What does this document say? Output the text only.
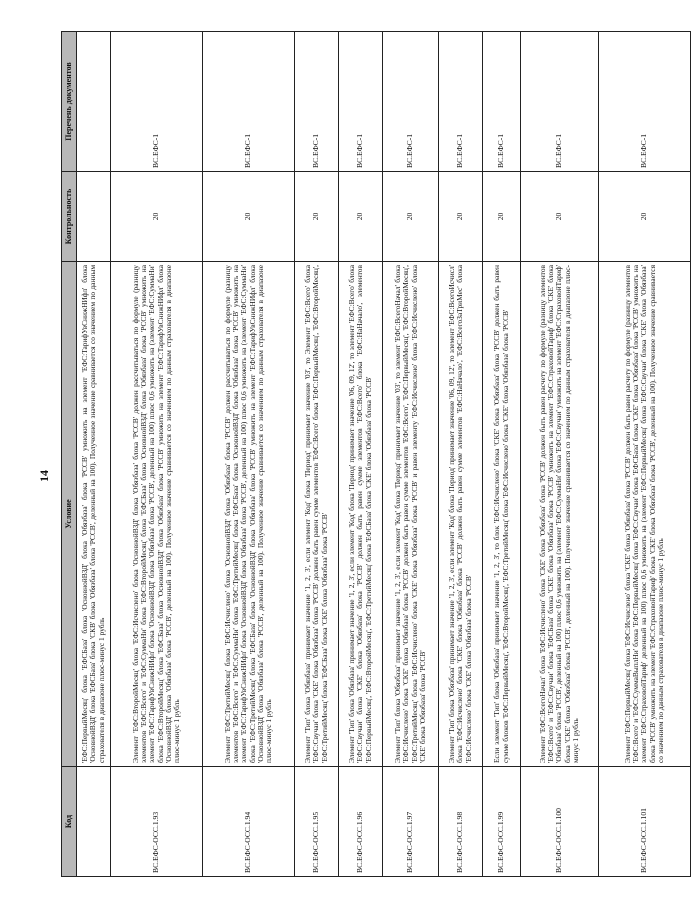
14
Код	Условие	Контрольность	Перечень документов
	'ЕФС:ПервыйМесяц' блока 'ЕФСБаза' блока 'ОсновнойВЗД' блока 'Обязбаза' блока 'РССВ' умножить на элемент 'ЕФС:ТарифУвСнижНИфл' блока 'ОсновнойВЗД' блока 'ЕФСБаза' блока 'СКВ' блока 'Обязбаза' блока 'РССВ', деленный на 100). Полученное значение сравнивается со значением по данным страхователя в диапазоне плюс-минус 1 рубль		
ВС.ЕФС-ОСС.1.93	Элемент 'ЕФС:ВторойМесяц' блока 'ЕФС:Исчислено' блока 'ОсновнойВЗД' блока 'Обязбаза' блока 'РССВ' должен рассчитываться по формуле (разницу элементов 'ЕФС:Всего' и 'ЕФС:СуммаНи' блока 'ЕФС:ВторойМесяц' блока 'ЕФСБаза' блока 'ОсновнойВЗД' блока 'Обязбаза' блока 'РССВ' умножить на элемент 'ЕФС:ТарифУвСнижНИфл' блока 'ОсновнойВЗД' блока 'Обязбаза' блока 'РССВ', деленный на 100) плюс 0,6 умножить на (элемент 'ЕФС:СуммаНи' блока 'ЕФС:ВторойМесяц' блока 'ЕФСБаза' блока 'ОсновнойВЗД' блока 'Обязбаза' блока 'РССВ' умножить на элемент 'ЕФС:ТарифУвСнижНИфл' блока 'ОсновнойВЗД' блока 'Обязбаза' блока 'РССВ', деленный на 100). Полученное значение сравнивается со значением по данным страхователя в диапазоне плюс-минус 1 рубль	20	ВС.ЕФС-1
ВС.ЕФС-ОСС.1.94	Элемент 'ЕФС:ТретийМесяц' блока 'ЕФС:Исчислено' блока 'ОсновнойВЗД' блока 'Обязбаза' блока 'РССВ' должен рассчитываться по формуле (разницу элементов 'ЕФС:Всего' и 'ЕФС:СуммаНи' блока 'ЕФС:ТретийМесяц' блока 'ЕФСБаза' блока 'ОсновнойВЗД' блока 'Обязбаза' блока 'РССВ' умножить на элемент 'ЕФС:ТарифУвСнижНИфл' блока 'ОсновнойВЗД' блока 'Обязбаза' блока 'РССВ', деленный на 100) плюс 0,6 умножить на (элемент 'ЕФС:СуммаНи' блока 'ЕФС:ТретийМесяц' блока 'ЕФСБаза' блока 'ОсновнойВЗД' блока 'Обязбаза' блока 'РССВ' умножить на элемент 'ЕФС:ТарифУвСнижНИфл' блока 'ОсновнойВЗД' блока 'Обязбаза' блока 'РССВ', деленный на 100). Полученное значение сравнивается со значением по данным страхователя в диапазоне плюс-минус 1 рубль	20	ВС.ЕФС-1
ВС.ЕФС-ОСС.1.95	Элемент 'Тип' блока 'Обязбаза' принимает значение '1, 2, 3', если элемент 'Код' блока 'Период' принимает значение '03', то Элемент 'ЕФС:Всего' блока 'ЕФС:Свучаи' блока 'СКЕ' блока 'Обязбаза' блока 'РССВ' должен быть равен сумме элементов 'ЕФС:Всего' блока 'ЕФС:ПервыйМесяц', 'ЕФС:ВторойМесяц', 'ЕФС:ТретийМесяц' блока 'ЕФСБаза' блока 'СКЕ' блока 'Обязбаза' блока 'РССВ'	20	ВС.ЕФС-1
ВС.ЕФС-ОСС.1.96	Элемент 'Тип' блока 'Обязбаза' принимает значение '1, 2, 3', если элемент 'Код' блока 'Период' принимает значение '06, 09, 12', то элемент 'ЕФС:Всего' блока 'ЕФС:Свучаи' блока 'СКЕ' блока 'Обязбаза' блока 'РССВ' должен быть равен сумме элементов 'ЕФС:Всего' блока 'ЕФС:НаНачало', элементов 'ЕФС:ПервыйМесяц', 'ЕФС:ВторойМесяц', 'ЕФС:ТретийМесяц' блока 'ЕФСБаза' блока 'СКЕ' блока 'Обязбаза' блока 'РССВ'	20	ВС.ЕФС-1
ВС.ЕФС-ОСС.1.97	Элемент 'Тип' блока 'Обязбаза' принимает значение '1, 2, 3', если элемент 'Код' блока 'Период' принимает значение '03', то элемент 'ЕФС:ВсегоНачал' блока 'ЕФС:Исчислено' блока 'СКЕ' блока 'Обязбаза' блока 'РССВ' должен быть равен сумме элементов 'ЕФС:Всего', 'ЕФС:ПервыйМесяц', 'ЕФС:ВторойМесяц', 'ЕФС:ТретийМесяц' блока 'ЕФС:Исчислено' блока 'СКЕ' блока 'Обязбаза' блока 'РССВ' и равен элементу 'ЕФС:Исчислено' блока 'ЕФС:Исчислено' блока 'СКЕ' блока 'Обязбаза' блока 'РССВ'	20	ВС.ЕФС-1
ВС.ЕФС-ОСС.1.98	Элемент 'Тип' блока 'Обязбаза' принимает значение '1, 2, 3', если элемент 'Код' блока 'Период' принимает значение '06, 09, 12', то элемент 'ЕФС:ВсегоИсчисл' блока 'ЕФС:Исчислено' блока 'СКЕ' блока 'Обязбаза' блока 'РССВ' должен быть равен сумме элементов 'ЕФС:НаНачало', 'ЕФС:ВсегоЗаТриМес' блока 'ЕФС:Исчислено' блока 'СКЕ' блока 'Обязбаза' блока 'РССВ'	20	ВС.ЕФС-1
ВС.ЕФС-ОСС.1.99	Если элемент 'Тип' блока 'Обязбаза' принимает значение '1, 2, 3', то блок 'ЕФС:Исчислено' блока 'СКЕ' блока 'Обязбаза' блока 'РССВ' должен быть равен сумме блоков 'ЕФС:ПервыйМесяц', 'ЕФС:ВторойМесяц', 'ЕФС:ТретийМесяц' блока 'ЕФС:Исчислено' блока 'СКЕ' блока 'Обязбаза' блока 'РССВ'	20	ВС.ЕФС-1
ВС.ЕФС-ОСС.1.100	Элемент 'ЕФС:ВсегоНачал' блока 'ЕФС:Исчислено' блока 'СКЕ' блока 'Обязбаза' блока 'РССВ' должен быть равен расчету по формуле (разницу элементов 'ЕФС:Всего' и 'ЕФС:Свучаи' блока 'ЕФСБаза' блока 'СКЕ' блока 'Обязбаза' блока 'РССВ' умножить на элемент 'ЕФС:СтраховойТариф' блока 'СКЕ' блока 'Обязбаза' блока 'РССВ', деленный на 100) плюс 0,6 умножить на (элемент 'ЕФС:СуммаНи' блока 'ЕФС:Свучаи' умножить на элемент 'ЕФС:СтраховойТариф' блока 'СКЕ' блока 'Обязбаза' блока 'РССВ', деленный на 100). Полученное значение сравнивается со значением по данным страхователя в диапазоне плюс-минус 1 рубль	20	ВС.ЕФС-1
ВС.ЕФС-ОСС.1.101	Элемент 'ЕФС:ПервыйМесяц' блока 'ЕФС:Исчислено' блока 'СКЕ' блока 'Обязбаза' блока 'РССВ' должен быть равен расчету по формуле (разницу элементов 'ЕФС:Всего' и 'ЕФС:СуммаВыплНи' блока 'ЕФС:ПервыйМесяц' блока 'ЕФС:Свучаи' блока 'ЕФСБаза' блока 'СКЕ' блока 'Обязбаза' блока 'РССВ' умножить на элемент 'ЕФС:СтраховойТариф' деленный на 100) плюс 0,6 умножить на (элемент 'ЕФС:ПервыйМесяц' блока 'ЕФС:Свучаи' блока 'СКЕ' блока 'Обязбаза' блока 'РССВ' умножить на элемент 'ЕФС:СтраховойТариф' блока 'СКЕ' блока 'Обязбаза' блока 'РССВ', деленный на 100). Полученное значение сравнивается со значением по данным страхователя в диапазоне плюс-минус 1 рубль	20	ВС.ЕФС-1
